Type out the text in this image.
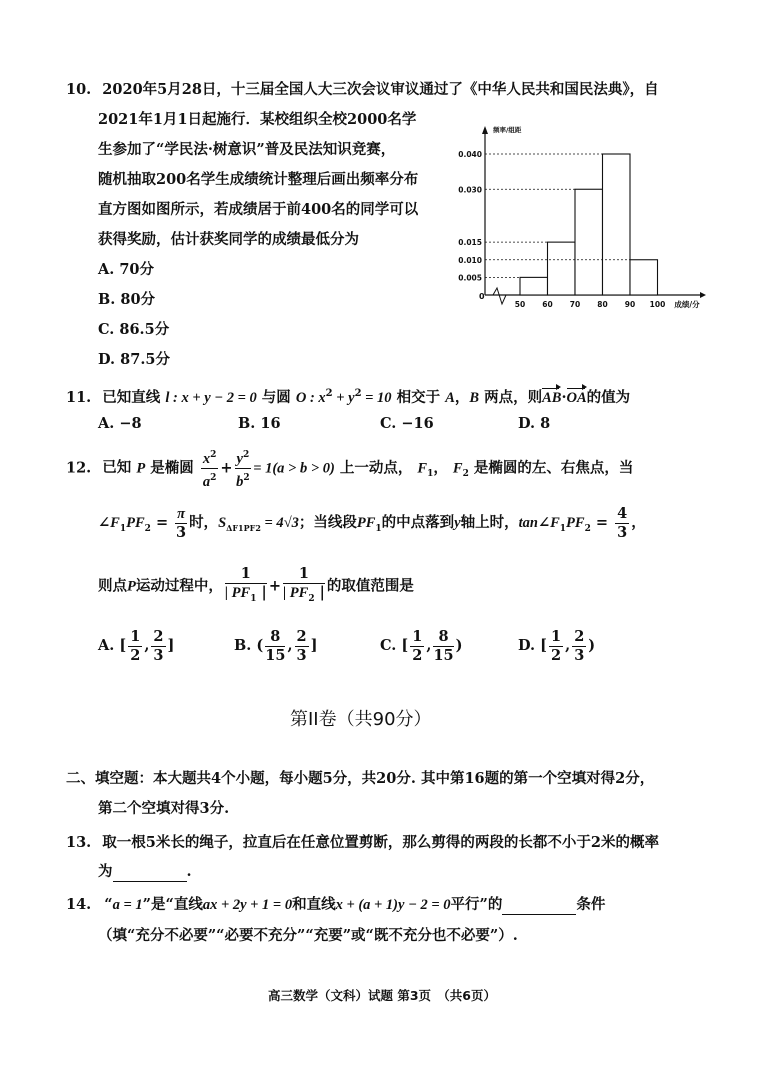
10. 2020年5月28日，十三届全国人大三次会议审议通过了《中华人民共和国民法典》，自
2021年1月1日起施行．某校组织全校2000名学
生参加了“学民法·树意识”普及民法知识竞赛，
随机抽取200名学生成绩统计整理后画出频率分布
直方图如图所示，若成绩居于前400名的同学可以
获得奖励，估计获奖同学的成绩最低分为
A. 70分
B. 80分
C. 86.5分
D. 87.5分
频率/组距
0
0.040
0.030
0.015
0.010
0.005
50 60 70 80 90 100 成绩/分
11. 已知直线 l : x + y − 2 = 0 与圆 O : $x^2 + y^2 = 10$ 相交于 A，B 两点，则AB·OA的值为
A. −8	B. 16	C. −16	D. 8
12. 已知 P 是椭圆 $\frac{x^2}{a^2} + \frac{y^2}{b^2} = 1(a > b > 0)$ 上一动点， $F_1$， $F_2$ 是椭圆的左、右焦点，当
$\angle F_1PF_2 = \frac{\pi}{3}$ 时，$S_{\Delta F1PF2} = 4√3$；当线段$PF_1$的中点落到y轴上时，$\tan\angle F_1PF_2 = \frac{4}{3}$ ，
则点P运动过程中， $\frac{1}{| PF_1 |} + \frac{1}{| PF_2 |}$ 的取值范围是
A. [ $\frac{1}{2}$ , $\frac{2}{3}$ ]	B. ( $\frac{8}{15}$ , $\frac{2}{3}$ ]	C. [ $\frac{1}{2}$ , $\frac{8}{15}$ )	D. [ $\frac{1}{2}$ , $\frac{2}{3}$ )
第II卷（共90分）
二、填空题：本大题共4个小题，每小题5分，共20分. 其中第16题的第一个空填对得2分，
第二个空填对得3分.
13. 取一根5米长的绳子，拉直后在任意位置剪断，那么剪得的两段的长都不小于2米的概率
为	.
14. “a = 1”是“直线ax + 2y + 1 = 0和直线x + (a + 1)y − 2 = 0平行”的	条件
（填“充分不必要”“必要不充分”“充要”或“既不充分也不必要”）.
高三数学（文科）试题 第3页　（共6页）
